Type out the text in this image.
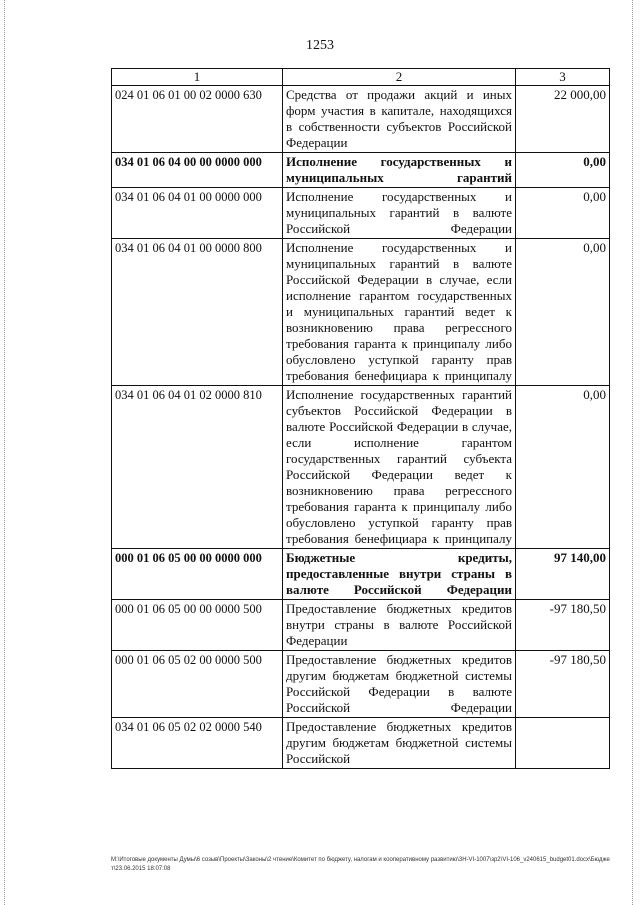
1253
1	2	3
024 01 06 01 00 02 0000 630	Средства от продажи акций и иных форм участия в капитале, находящихся в собственности субъектов Российской Федерации	22 000,00
034 01 06 04 00 00 0000 000	Исполнение государственных и муниципальных гарантий	0,00
034 01 06 04 01 00 0000 000	Исполнение государственных и муниципальных гарантий в валюте Российской Федерации	0,00
034 01 06 04 01 00 0000 800	Исполнение государственных и муниципальных гарантий в валюте Российской Федерации в случае, если исполнение гарантом государственных и муниципальных гарантий ведет к возникновению права регрессного требования гаранта к принципалу либо обусловлено уступкой гаранту прав требования бенефициара к принципалу	0,00
034 01 06 04 01 02 0000 810	Исполнение государственных гарантий субъектов Российской Федерации в валюте Российской Федерации в случае, если исполнение гарантом государственных гарантий субъекта Российской Федерации ведет к возникновению права регрессного требования гаранта к принципалу либо обусловлено уступкой гаранту прав требования бенефициара к принципалу	0,00
000 01 06 05 00 00 0000 000	Бюджетные кредиты, предоставленные внутри страны в валюте Российской Федерации	97 140,00
000 01 06 05 00 00 0000 500	Предоставление бюджетных кредитов внутри страны в валюте Российской Федерации	-97 180,50
000 01 06 05 02 00 0000 500	Предоставление бюджетных кредитов другим бюджетам бюджетной системы Российской Федерации в валюте Российской Федерации	-97 180,50
034 01 06 05 02 02 0000 540	Предоставление бюджетных кредитов другим бюджетам бюджетной системы Российской	
М:\Итоговые документы Думы\6 созыв\Проекты\Законы\2 чтение\Комитет по бюджету, налогам и кооперативному развитию\3Н-VI-1007\зр2\VI-106_v240615_budget01.docx\Бюджет\23.06.2015 18:07:08
